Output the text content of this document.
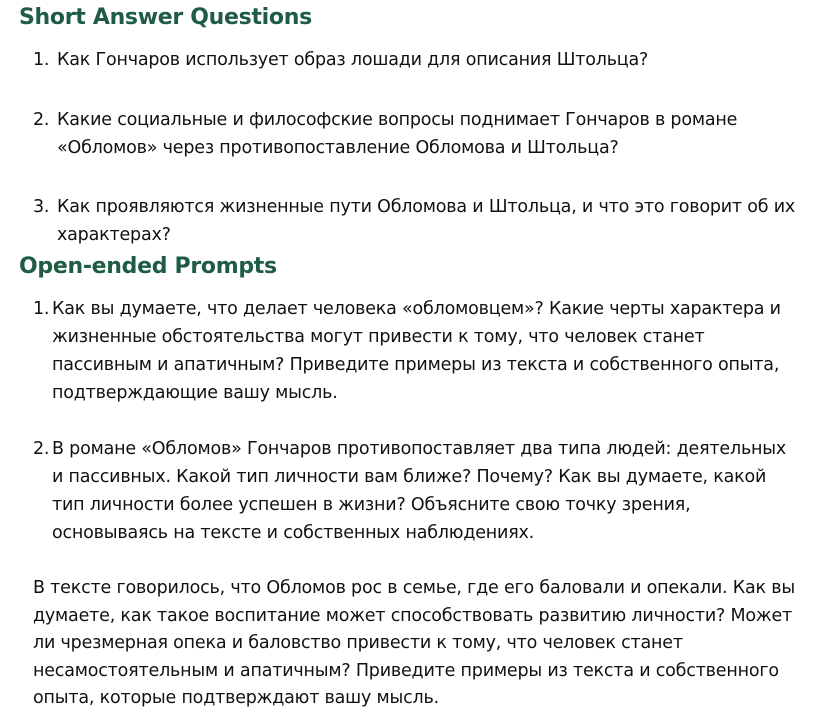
Short Answer Questions
1. Как Гончаров использует образ лошади для описания Штольца?
2. Какие социальные и философские вопросы поднимает Гончаров в романе «Обломов» через противопоставление Обломова и Штольца?
3. Как проявляются жизненные пути Обломова и Штольца, и что это говорит об их характерах?
Open-ended Prompts
1. Как вы думаете, что делает человека «обломовцем»? Какие черты характера и жизненные обстоятельства могут привести к тому, что человек станет пассивным и апатичным? Приведите примеры из текста и собственного опыта, подтверждающие вашу мысль.
2. В романе «Обломов» Гончаров противопоставляет два типа людей: деятельных и пассивных. Какой тип личности вам ближе? Почему? Как вы думаете, какой тип личности более успешен в жизни? Объясните свою точку зрения, основываясь на тексте и собственных наблюдениях.

В тексте говорилось, что Обломов рос в семье, где его баловали и опекали. Как вы думаете, как такое воспитание может способствовать развитию личности? Может ли чрезмерная опека и баловство привести к тому, что человек станет несамостоятельным и апатичным? Приведите примеры из текста и собственного опыта, которые подтверждают вашу мысль.
